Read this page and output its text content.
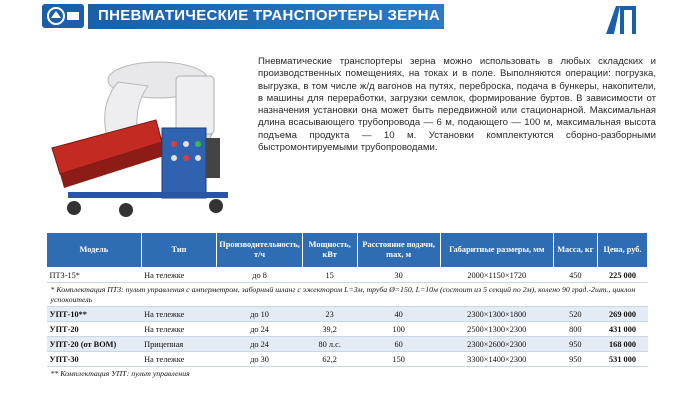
ПНЕВМАТИЧЕСКИЕ ТРАНСПОРТЕРЫ ЗЕРНА

Пневматические транспортеры зерна можно использовать в любых складских и производственных помещениях, на токах и в поле. Выполняются операции: погрузка, выгрузка, в том числе ж/д вагонов на путях, переброска, подача в бункеры, накопители, в машины для переработки, загрузки семлок, формирование буртов. В зависимости от назначения установки она может быть передвижной или стационарной. Максимальная длина всасывающего трубопровода — 6 м, подающего — 100 м, максимальная высота подъема продукта — 10 м. Установки комплектуются сборно-разборными быстромонтируемыми трубопроводами.

Модель	Тип	Производительность, т/ч	Мощность, кВт	Расстояние подачи, max, м	Габаритные размеры, мм	Масса, кг	Цена, руб.
ПТЗ-15*	На тележке	до 8	15	30	2000×1150×1720	450	225 000
* Комплектация ПТЗ: пульт управления с амперметром, заборный шланг с эжектором L=3м, труба Ø=150, L=10м (состоит из 5 секций по 2м), колено 90 град.-2шт., циклон успокоитель							
УПТ-10**	На тележке	до 10	23	40	2300×1300×1800	520	269 000
УПТ-20	На тележке	до 24	39,2	100	2500×1300×2300	800	431 000
УПТ-20 (от ВОМ)	Прицепная	до 24	80 л.с.	60	2300×2600×2300	950	168 000
УПТ-30	На тележке	до 30	62,2	150	3300×1400×2300	950	531 000
** Комплектация УПТ: пульт управления							
